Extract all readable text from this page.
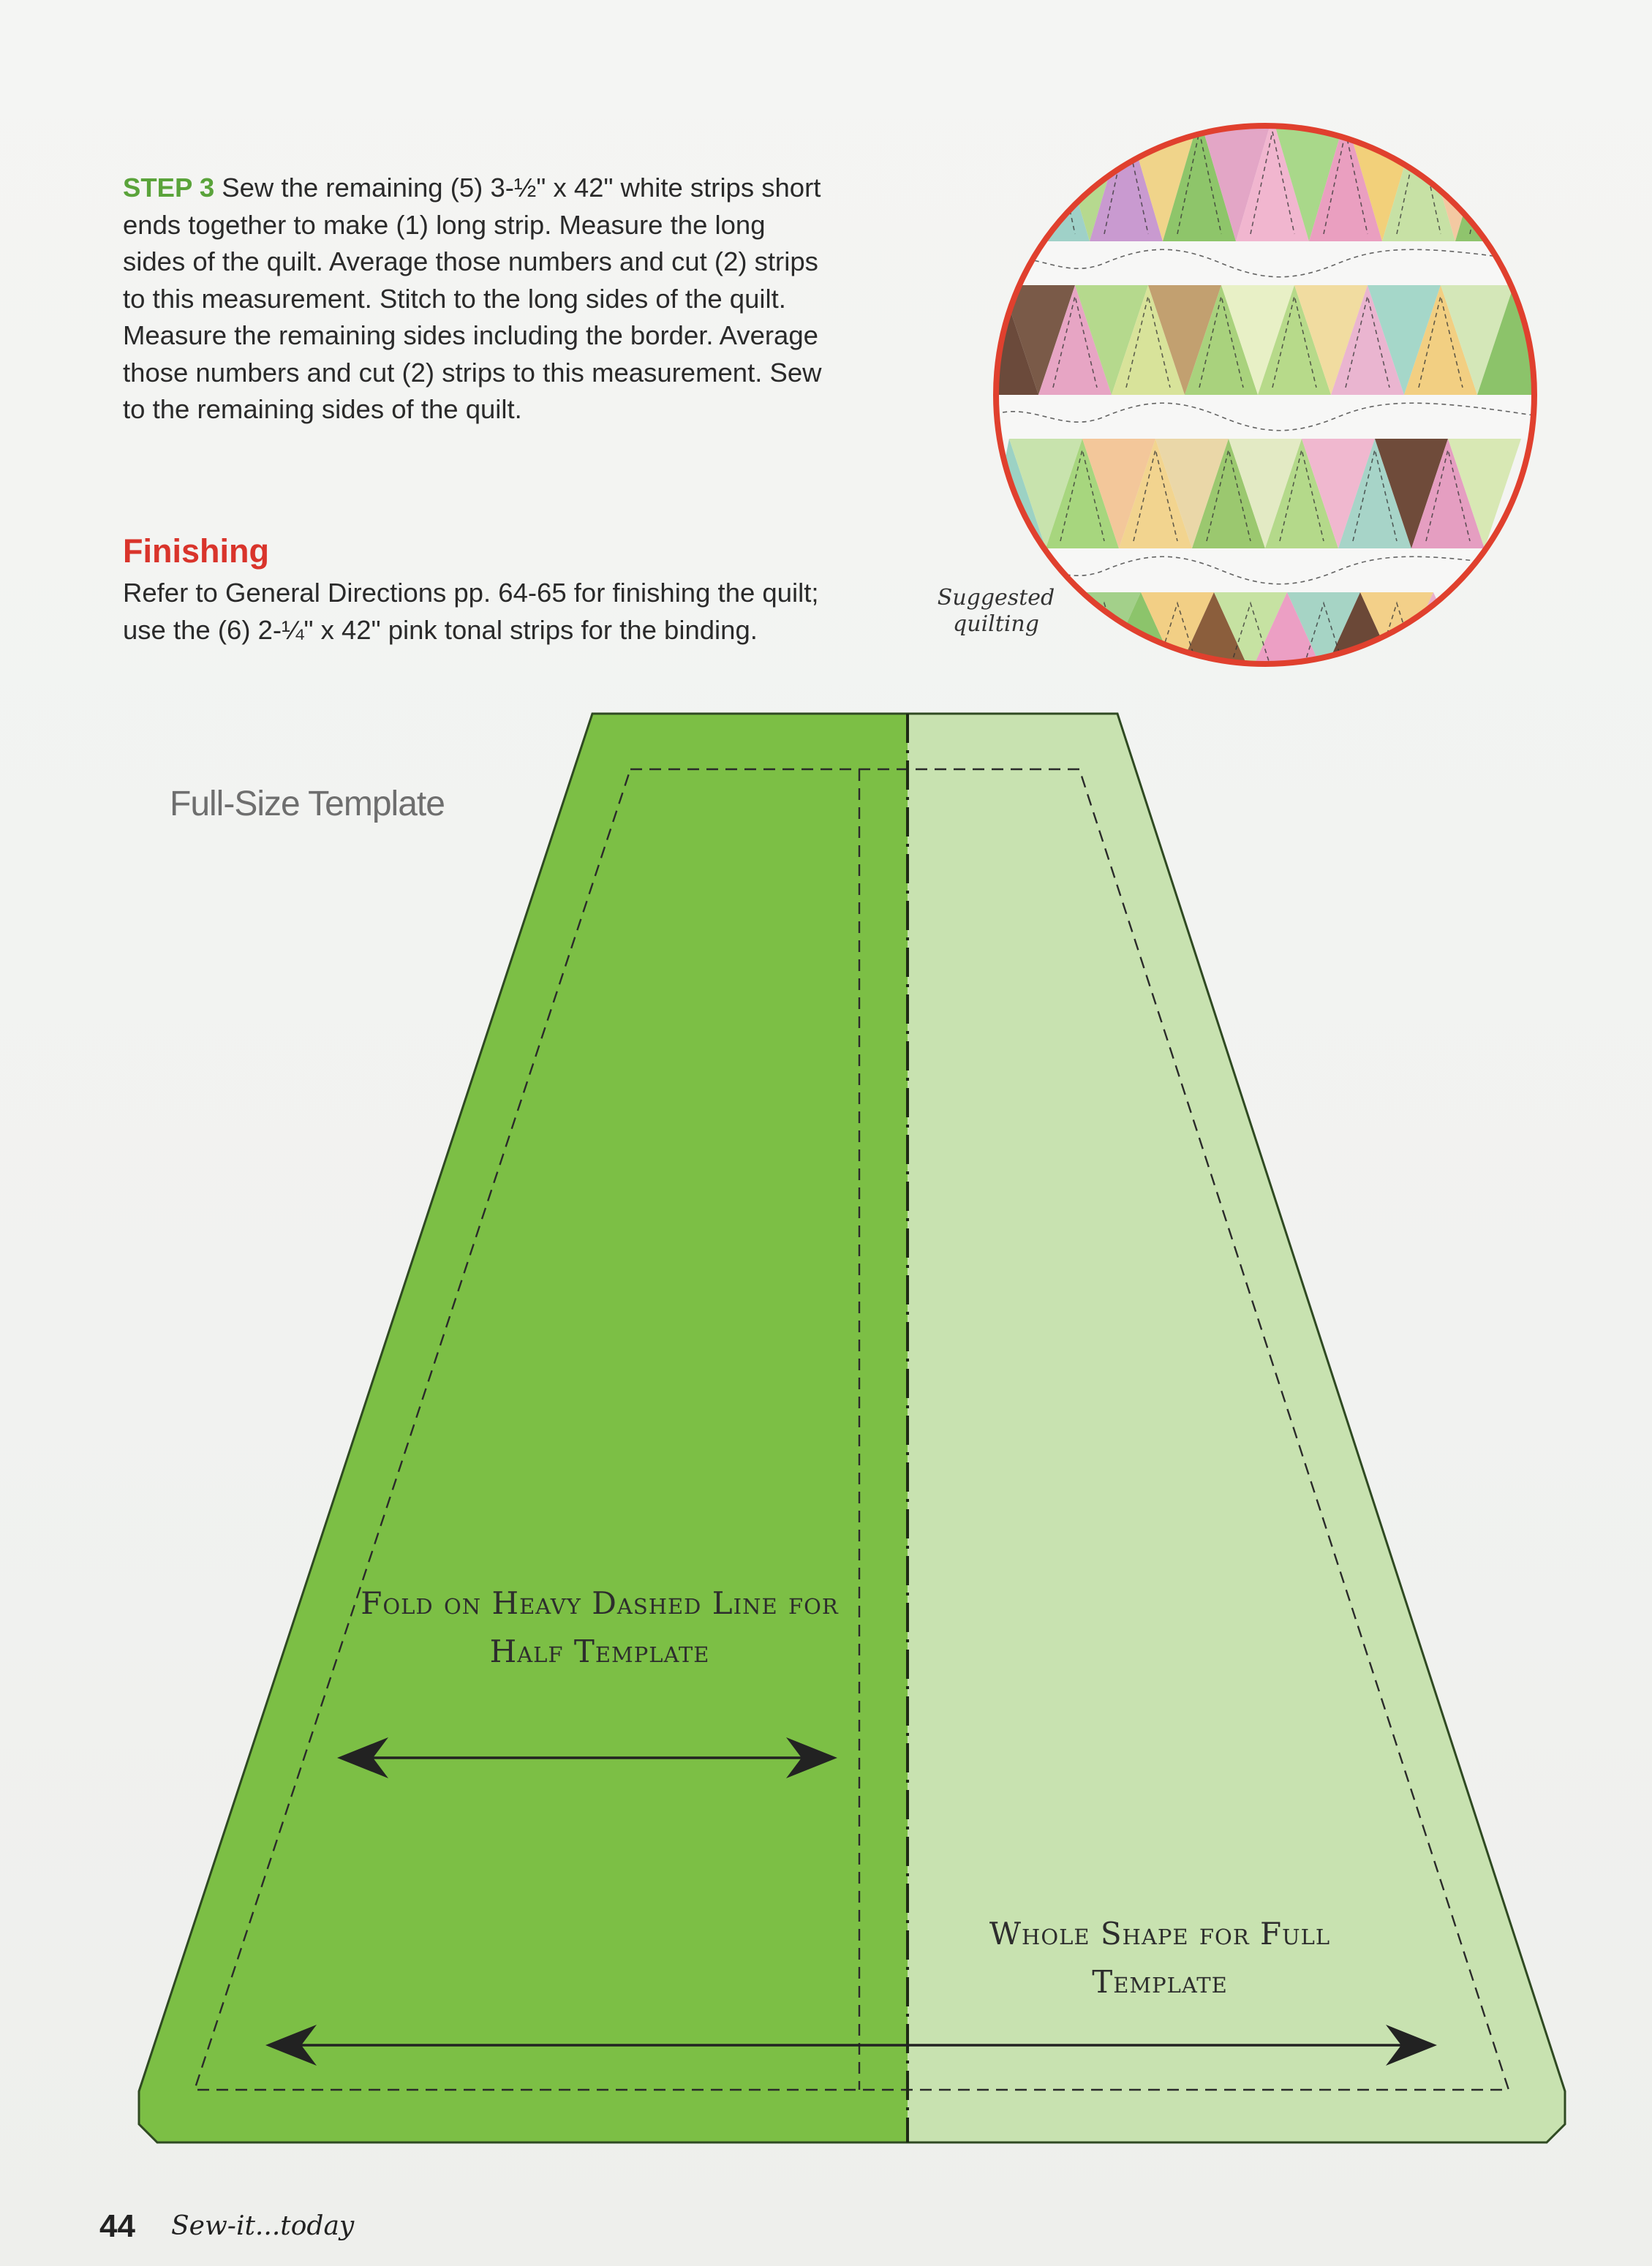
STEP 3 Sew the remaining (5) 3-½" x 42" white strips short ends together to make (1) long strip. Measure the long sides of the quilt. Average those numbers and cut (2) strips to this measurement. Stitch to the long sides of the quilt. Measure the remaining sides including the border. Average those numbers and cut (2) strips to this measurement. Sew to the remaining sides of the quilt.
Finishing
Refer to General Directions pp. 64-65 for finishing the quilt; use the (6) 2-¼" x 42" pink tonal strips for the binding.
Suggested quilting
Full-Size Template
Fold on Heavy Dashed Line for Half Template
Whole Shape for Full Template
44 Sew-it...today
